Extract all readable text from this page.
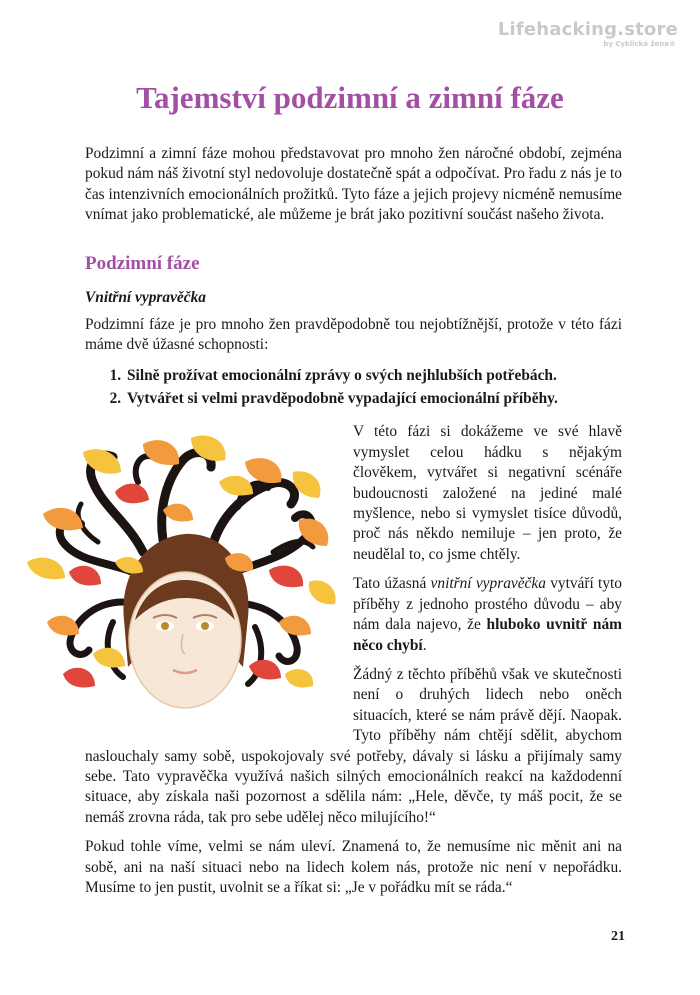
Lifehacking.store
by Cyklická žena®
Tajemství podzimní a zimní fáze

Podzimní a zimní fáze mohou představovat pro mnoho žen náročné období, zejména pokud nám náš životní styl nedovoluje dostatečně spát a odpočívat. Pro řadu z nás je to čas intenzivních emocionálních prožitků. Tyto fáze a jejich projevy nicméně nemusíme vnímat jako problematické, ale můžeme je brát jako pozitivní součást našeho života.

Podzimní fáze
Vnitřní vypravěčka

Podzimní fáze je pro mnoho žen pravděpodobně tou nejobtížnější, protože v této fázi máme dvě úžasné schopnosti:

1. Silně prožívat emocionální zprávy o svých nejhlubších potřebách.
2. Vytvářet si velmi pravděpodobně vypadající emocionální příběhy.

V této fázi si dokážeme ve své hlavě vymyslet celou hádku s nějakým člověkem, vytvářet si negativní scénáře budoucnosti založené na jediné malé myšlence, nebo si vymyslet tisíce důvodů, proč nás někdo nemiluje – jen proto, že neudělal to, co jsme chtěly.

Tato úžasná vnitřní vypravěčka vytváří tyto příběhy z jednoho prostého důvodu – aby nám dala najevo, že hluboko uvnitř nám něco chybí.

Žádný z těchto příběhů však ve skutečnosti není o druhých lidech nebo oněch situacích, které se nám právě dějí. Naopak. Tyto příběhy nám chtějí sdělit, abychom naslouchaly samy sobě, uspokojovaly své potřeby, dávaly si lásku a přijímaly samy sebe. Tato vypravěčka využívá našich silných emocionálních reakcí na každodenní situace, aby získala naši pozornost a sdělila nám: „Hele, děvče, ty máš pocit, že se nemáš zrovna ráda, tak pro sebe udělej něco milujícího!“

Pokud tohle víme, velmi se nám uleví. Znamená to, že nemusíme nic měnit ani na sobě, ani na naší situaci nebo na lidech kolem nás, protože nic není v nepořádku. Musíme to jen pustit, uvolnit se a říkat si: „Je v pořádku mít se ráda.“

21
